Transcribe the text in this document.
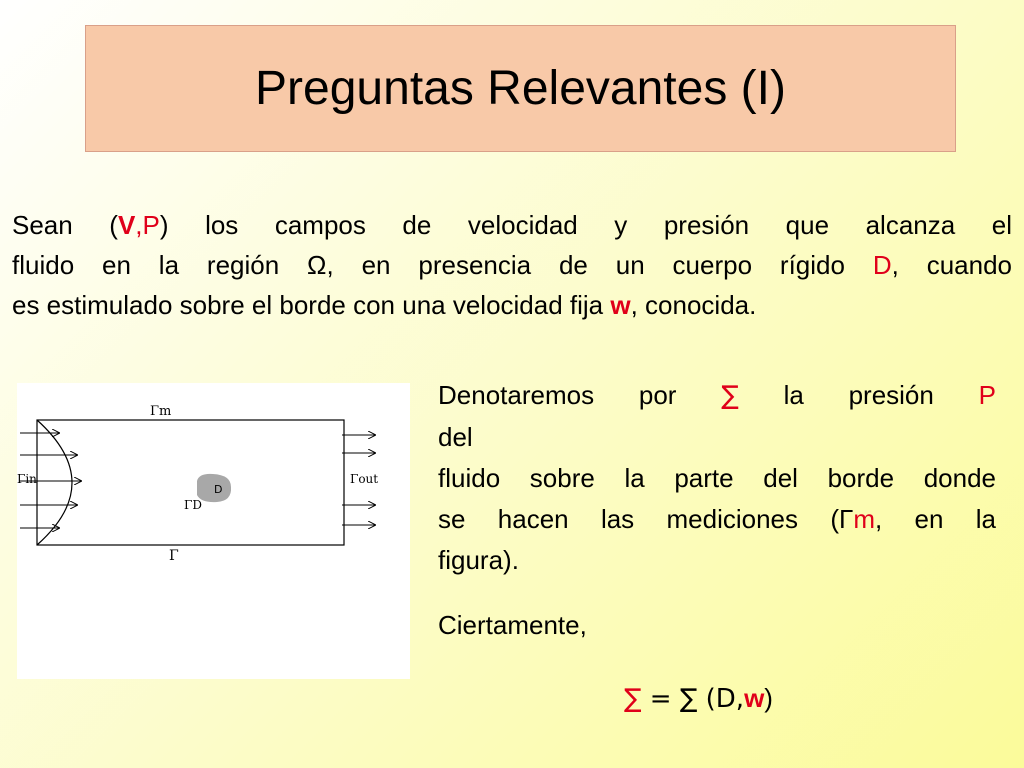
Preguntas Relevantes (I)
Sean (V,P) los campos de velocidad y presión que alcanza el
fluido en la región Ω, en presencia de un cuerpo rígido D, cuando
es estimulado sobre el borde con una velocidad fija w, conocida.
D
Γm
Γin	Γout
ΓD
Γ
Denotaremos por ∑ la presión P
del
fluido sobre la parte del borde donde
se hacen las mediciones (Γm, en la
figura).
Ciertamente,
∑ = ∑ (D,w)
